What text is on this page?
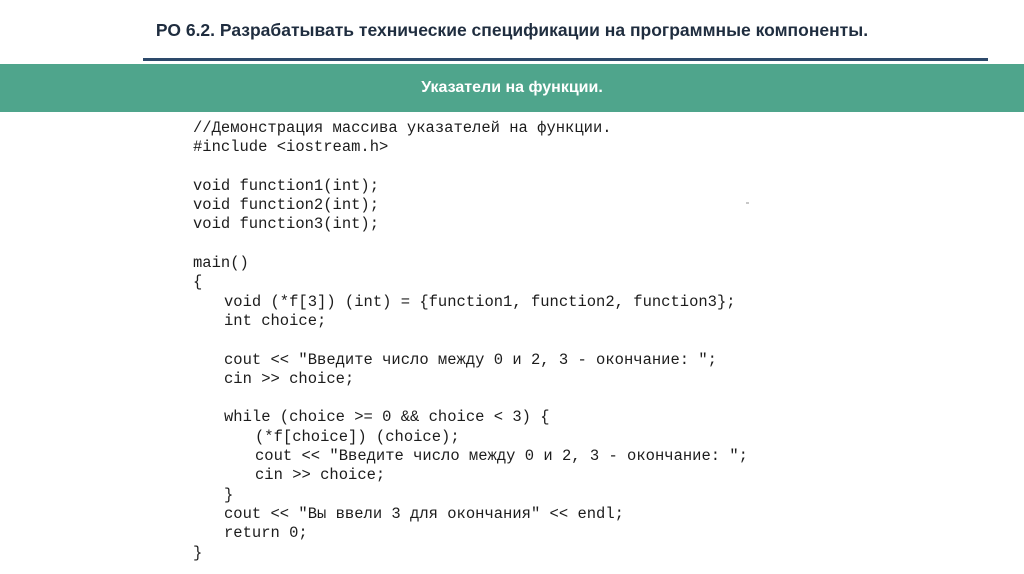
РО 6.2. Разрабатывать технические спецификации на программные компоненты.
Указатели на функции.
//Демонстрация массива указателей на функции.
#include <iostream.h>
void function1(int);
void function2(int);
void function3(int);
main()
{
void (*f[3]) (int) = {function1, function2, function3};
int choice;
cout << "Введите число между 0 и 2, 3 - окончание: ";
cin >> choice;
while (choice >= 0 && choice < 3) {
(*f[choice]) (choice);
cout << "Введите число между 0 и 2, 3 - окончание: ";
cin >> choice;
}
cout << "Вы ввели 3 для окончания" << endl;
return 0;
}
